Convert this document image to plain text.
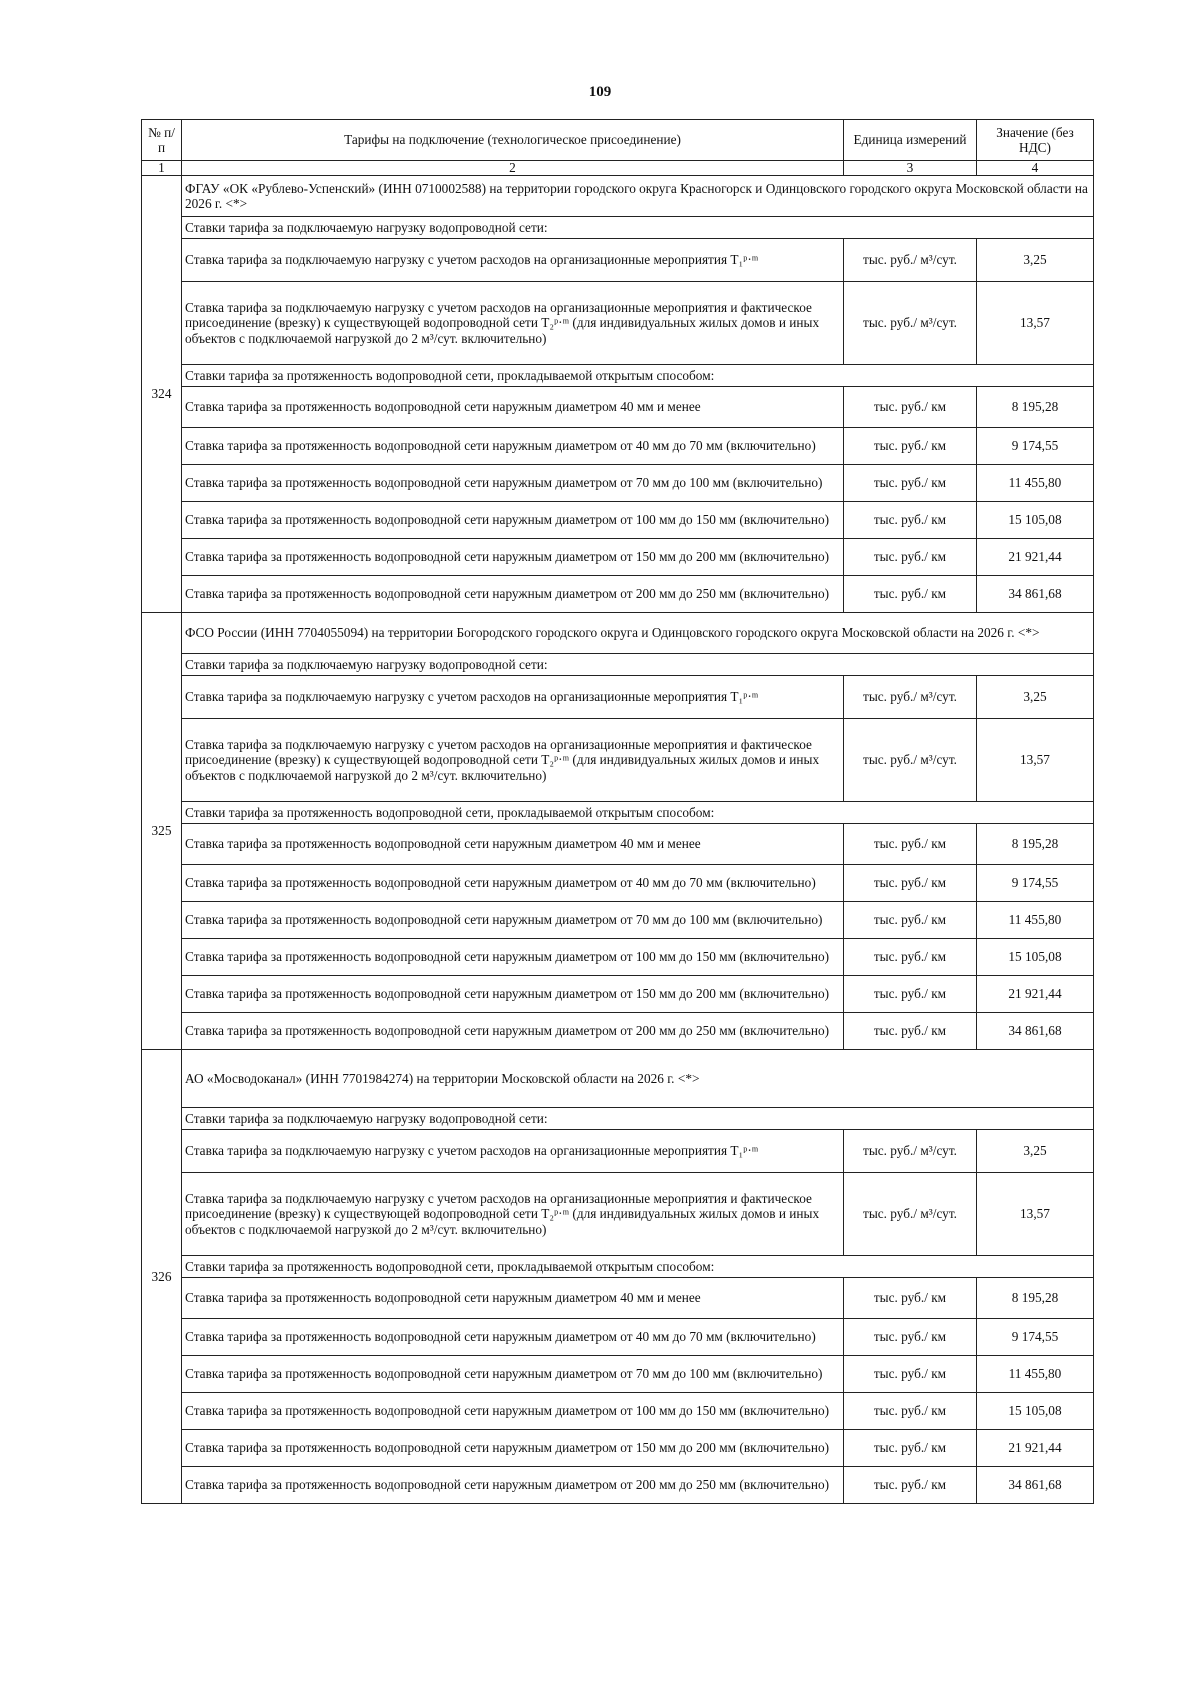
109
№ п/п	Тарифы на подключение (технологическое присоединение)	Единица измерений	Значение (без НДС)
1	2	3	4
324	ФГАУ «ОК «Рублево-Успенский» (ИНН 0710002588) на территории городского округа Красногорск и Одинцовского городского округа Московской области на 2026 г. <*>		
	Ставки тарифа за подключаемую нагрузку водопроводной сети:		
	Ставка тарифа за подключаемую нагрузку с учетом расходов на организационные мероприятия T₁ᵖ·ᵐ	тыс. руб./ м³/сут.	3,25
	Ставка тарифа за подключаемую нагрузку с учетом расходов на организационные мероприятия и фактическое присоединение (врезку) к существующей водопроводной сети T₂ᵖ·ᵐ (для индивидуальных жилых домов и иных объектов с подключаемой нагрузкой до 2 м³/сут. включительно)	тыс. руб./ м³/сут.	13,57
	Ставки тарифа за протяженность водопроводной сети, прокладываемой открытым способом:		
	Ставка тарифа за протяженность водопроводной сети наружным диаметром 40 мм и менее	тыс. руб./ км	8 195,28
	Ставка тарифа за протяженность водопроводной сети наружным диаметром от 40 мм до 70 мм (включительно)	тыс. руб./ км	9 174,55
	Ставка тарифа за протяженность водопроводной сети наружным диаметром от 70 мм до 100 мм (включительно)	тыс. руб./ км	11 455,80
	Ставка тарифа за протяженность водопроводной сети наружным диаметром от 100 мм до 150 мм (включительно)	тыс. руб./ км	15 105,08
	Ставка тарифа за протяженность водопроводной сети наружным диаметром от 150 мм до 200 мм (включительно)	тыс. руб./ км	21 921,44
	Ставка тарифа за протяженность водопроводной сети наружным диаметром от 200 мм до 250 мм (включительно)	тыс. руб./ км	34 861,68
325	ФСО России (ИНН 7704055094) на территории Богородского городского округа и Одинцовского городского округа Московской области на 2026 г. <*>		
	Ставки тарифа за подключаемую нагрузку водопроводной сети:		
	Ставка тарифа за подключаемую нагрузку с учетом расходов на организационные мероприятия T₁ᵖ·ᵐ	тыс. руб./ м³/сут.	3,25
	Ставка тарифа за подключаемую нагрузку с учетом расходов на организационные мероприятия и фактическое присоединение (врезку) к существующей водопроводной сети T₂ᵖ·ᵐ (для индивидуальных жилых домов и иных объектов с подключаемой нагрузкой до 2 м³/сут. включительно)	тыс. руб./ м³/сут.	13,57
	Ставки тарифа за протяженность водопроводной сети, прокладываемой открытым способом:		
	Ставка тарифа за протяженность водопроводной сети наружным диаметром 40 мм и менее	тыс. руб./ км	8 195,28
	Ставка тарифа за протяженность водопроводной сети наружным диаметром от 40 мм до 70 мм (включительно)	тыс. руб./ км	9 174,55
	Ставка тарифа за протяженность водопроводной сети наружным диаметром от 70 мм до 100 мм (включительно)	тыс. руб./ км	11 455,80
	Ставка тарифа за протяженность водопроводной сети наружным диаметром от 100 мм до 150 мм (включительно)	тыс. руб./ км	15 105,08
	Ставка тарифа за протяженность водопроводной сети наружным диаметром от 150 мм до 200 мм (включительно)	тыс. руб./ км	21 921,44
	Ставка тарифа за протяженность водопроводной сети наружным диаметром от 200 мм до 250 мм (включительно)	тыс. руб./ км	34 861,68
326	АО «Мосводоканал» (ИНН 7701984274) на территории Московской области на 2026 г. <*>		
	Ставки тарифа за подключаемую нагрузку водопроводной сети:		
	Ставка тарифа за подключаемую нагрузку с учетом расходов на организационные мероприятия T₁ᵖ·ᵐ	тыс. руб./ м³/сут.	3,25
	Ставка тарифа за подключаемую нагрузку с учетом расходов на организационные мероприятия и фактическое присоединение (врезку) к существующей водопроводной сети T₂ᵖ·ᵐ (для индивидуальных жилых домов и иных объектов с подключаемой нагрузкой до 2 м³/сут. включительно)	тыс. руб./ м³/сут.	13,57
	Ставки тарифа за протяженность водопроводной сети, прокладываемой открытым способом:		
	Ставка тарифа за протяженность водопроводной сети наружным диаметром 40 мм и менее	тыс. руб./ км	8 195,28
	Ставка тарифа за протяженность водопроводной сети наружным диаметром от 40 мм до 70 мм (включительно)	тыс. руб./ км	9 174,55
	Ставка тарифа за протяженность водопроводной сети наружным диаметром от 70 мм до 100 мм (включительно)	тыс. руб./ км	11 455,80
	Ставка тарифа за протяженность водопроводной сети наружным диаметром от 100 мм до 150 мм (включительно)	тыс. руб./ км	15 105,08
	Ставка тарифа за протяженность водопроводной сети наружным диаметром от 150 мм до 200 мм (включительно)	тыс. руб./ км	21 921,44
	Ставка тарифа за протяженность водопроводной сети наружным диаметром от 200 мм до 250 мм (включительно)	тыс. руб./ км	34 861,68
